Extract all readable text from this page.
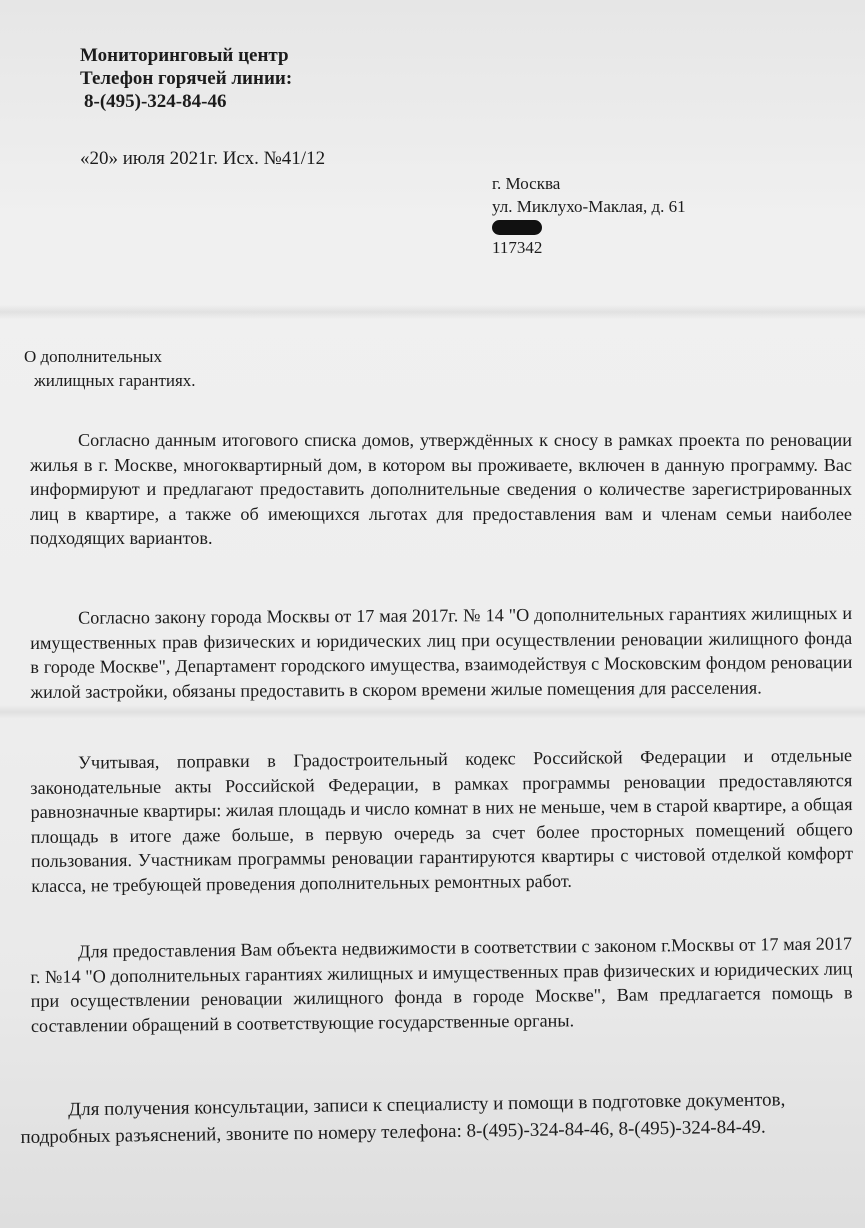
Мониторинговый центр
Телефон горячей линии:
8-(495)-324-84-46
«20» июля 2021г. Исх. №41/12
г. Москва
ул. Миклухо-Маклая, д. 61
117342
О дополнительных
жилищных гарантиях.

Согласно данным итогового списка домов, утверждённых к сносу в рамках проекта по реновации жилья в г. Москве, многоквартирный дом, в котором вы проживаете, включен в данную программу. Вас информируют и предлагают предоставить дополнительные сведения о количестве зарегистрированных лиц в квартире, а также об имеющихся льготах для предоставления вам и членам семьи наиболее подходящих вариантов.

Согласно закону города Москвы от 17 мая 2017г. № 14 "О дополнительных гарантиях жилищных и имущественных прав физических и юридических лиц при осуществлении реновации жилищного фонда в городе Москве", Департамент городского имущества, взаимодействуя с Московским фондом реновации жилой застройки, обязаны предоставить в скором времени жилые помещения для расселения.

Учитывая, поправки в Градостроительный кодекс Российской Федерации и отдельные законодательные акты Российской Федерации, в рамках программы реновации предоставляются равнозначные квартиры: жилая площадь и число комнат в них не меньше, чем в старой квартире, а общая площадь в итоге даже больше, в первую очередь за счет более просторных помещений общего пользования. Участникам программы реновации гарантируются квартиры с чистовой отделкой комфорт класса, не требующей проведения дополнительных ремонтных работ.

Для предоставления Вам объекта недвижимости в соответствии с законом г.Москвы от 17 мая 2017 г. №14 "О дополнительных гарантиях жилищных и имущественных прав физических и юридических лиц при осуществлении реновации жилищного фонда в городе Москве", Вам предлагается помощь в составлении обращений в соответствующие государственные органы.

Для получения консультации, записи к специалисту и помощи в подготовке документов, подробных разъяснений, звоните по номеру телефона: 8-(495)-324-84-46, 8-(495)-324-84-49.
